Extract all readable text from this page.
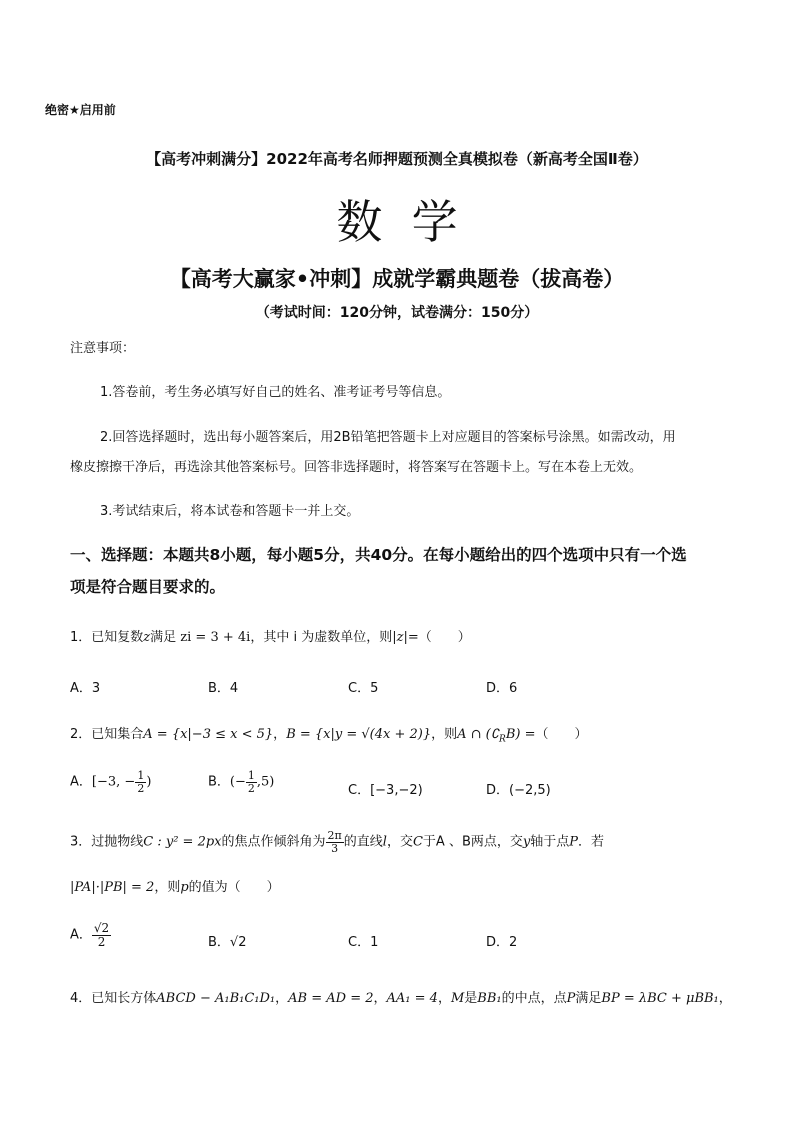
绝密★启用前
【高考冲刺满分】2022年高考名师押题预测全真模拟卷（新高考全国Ⅱ卷）
数  学
【高考大赢家•冲刺】成就学霸典题卷（拔高卷）
（考试时间：120分钟，试卷满分：150分）
注意事项：
1.答卷前，考生务必填写好自己的姓名、准考证考号等信息。
2.回答选择题时，选出每小题答案后，用2B铅笔把答题卡上对应题目的答案标号涂黑。如需改动，用
橡皮擦擦干净后，再选涂其他答案标号。回答非选择题时，将答案写在答题卡上。写在本卷上无效。
3.考试结束后，将本试卷和答题卡一并上交。
一、选择题：本题共8小题，每小题5分，共40分。在每小题给出的四个选项中只有一个选
项是符合题目要求的。
1．已知复数z满足 zi = 3 + 4i，其中 i 为虚数单位，则|z|=（　　）
A．3	B．4	C．5	D．6
2．已知集合A = {x|−3 ≤ x < 5}，B = {x|y = √(4x + 2)}，则A ∩ $(∁_RB)$ =（　　）
A．[−3, − $\frac{1}{2}$ )	B．(− $\frac{1}{2} ,5$)
C．[−3,−2)	D．(−2,5)
3．过抛物线C : y² = 2px的焦点作倾斜角为 $\frac{2\pi}{3}$ 的直线l，交C于A 、B两点，交y轴于点P．若
|PA|·|PB| = 2，则p的值为（　　）
A． $\frac{√2}{2}$	B．√2	C．1	D．2
4．已知长方体ABCD − A₁B₁C₁D₁，AB = AD = 2，AA₁ = 4，M是BB₁的中点，点P满足BP = λBC + μBB₁，
